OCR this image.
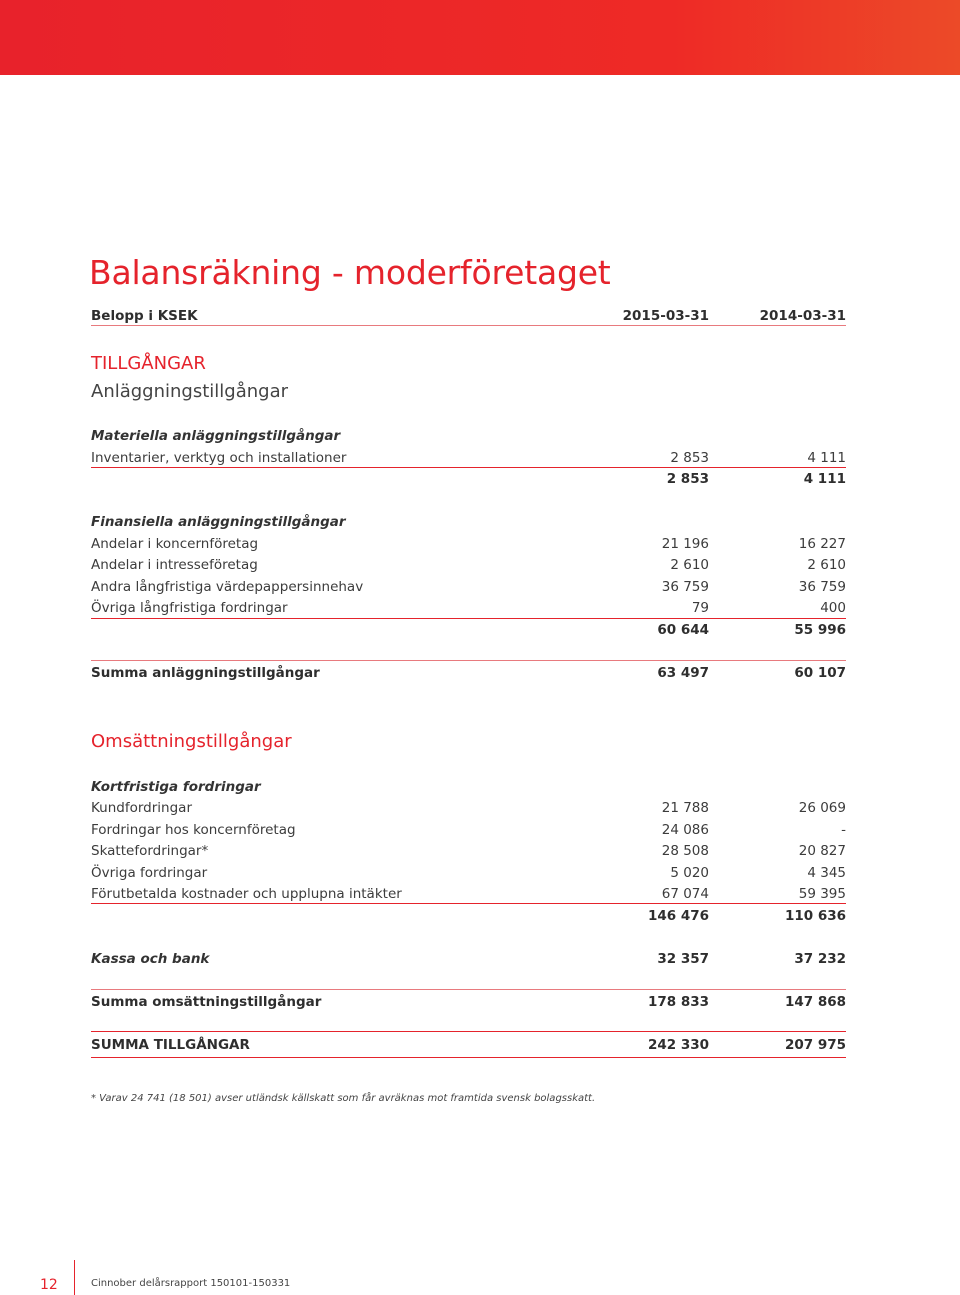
Balansräkning - moderföretaget
Belopp i KSEK	2015-03-31	2014-03-31
TILLGÅNGAR
Anläggningstillgångar
Materiella anläggningstillgångar
Inventarier, verktyg och installationer	2 853	4 111
2 853	4 111
Finansiella anläggningstillgångar
Andelar i koncernföretag	21 196	16 227
Andelar i intresseföretag	2 610	2 610
Andra långfristiga värdepappersinnehav	36 759	36 759
Övriga långfristiga fordringar	79	400
60 644	55 996
Summa anläggningstillgångar	63 497	60 107
Omsättningstillgångar
Kortfristiga fordringar
Kundfordringar	21 788	26 069
Fordringar hos koncernföretag	24 086	-
Skattefordringar*	28 508	20 827
Övriga fordringar	5 020	4 345
Förutbetalda kostnader och upplupna intäkter	67 074	59 395
146 476	110 636
Kassa och bank	32 357	37 232
Summa omsättningstillgångar	178 833	147 868
SUMMA TILLGÅNGAR	242 330	207 975
* Varav 24 741 (18 501) avser utländsk källskatt som får avräknas mot framtida svensk bolagsskatt.
12	Cinnober delårsrapport 150101-150331
